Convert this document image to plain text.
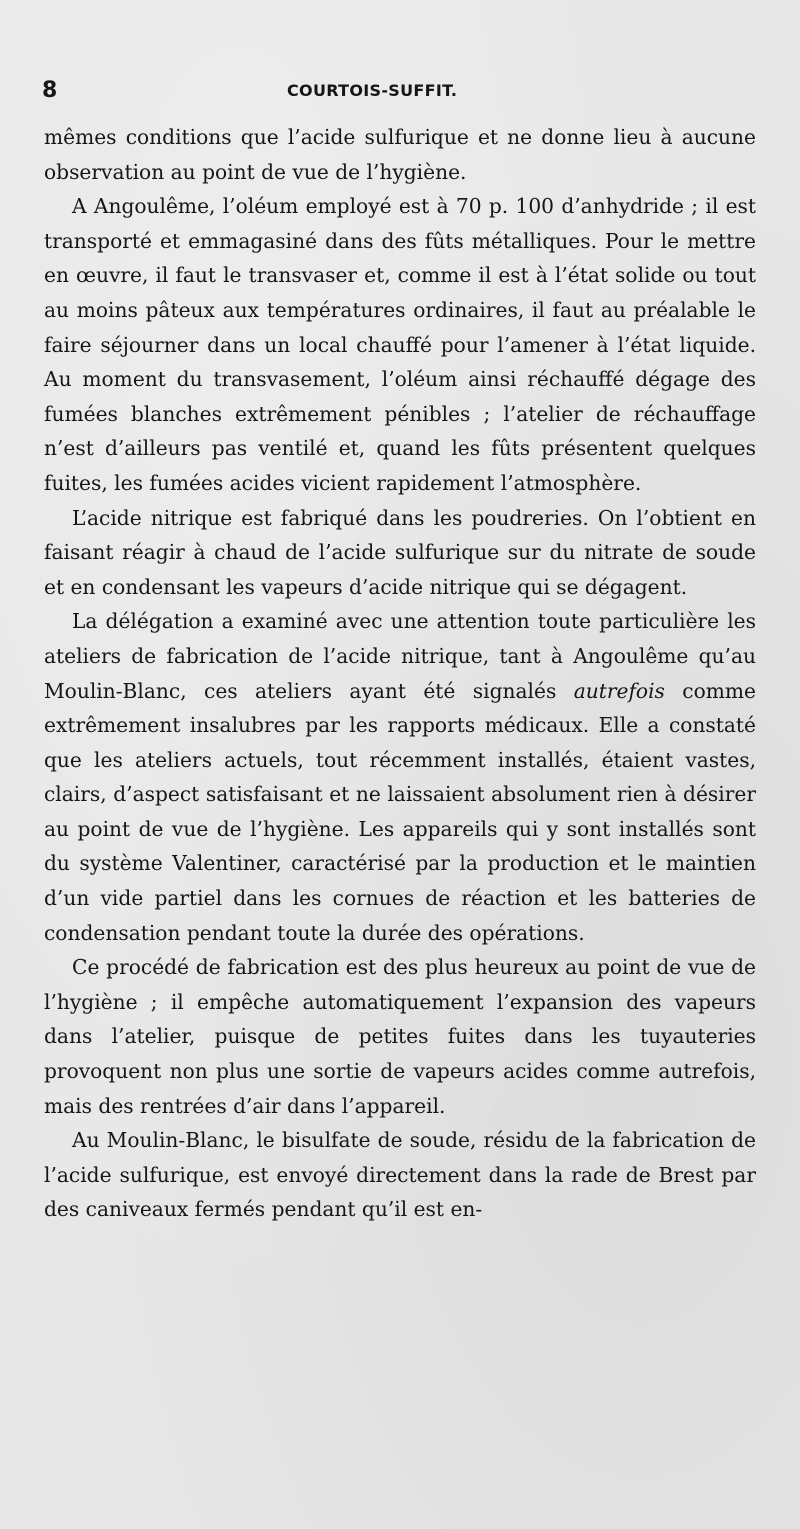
8	COURTOIS-SUFFIT.

mêmes conditions que l’acide sulfurique et ne donne lieu à aucune observation au point de vue de l’hygiène.

A Angoulême, l’oléum employé est à 70 p. 100 d’anhydride ; il est transporté et emmagasiné dans des fûts métalliques. Pour le mettre en œuvre, il faut le transvaser et, comme il est à l’état solide ou tout au moins pâteux aux températures ordinaires, il faut au préalable le faire séjourner dans un local chauffé pour l’amener à l’état liquide. Au moment du transvasement, l’oléum ainsi réchauffé dégage des fumées blanches extrêmement pénibles ; l’atelier de réchauffage n’est d’ailleurs pas ventilé et, quand les fûts présentent quelques fuites, les fumées acides vicient rapidement l’atmosphère.

L’acide nitrique est fabriqué dans les poudreries. On l’obtient en faisant réagir à chaud de l’acide sulfurique sur du nitrate de soude et en condensant les vapeurs d’acide nitrique qui se dégagent.

La délégation a examiné avec une attention toute particulière les ateliers de fabrication de l’acide nitrique, tant à Angoulême qu’au Moulin-Blanc, ces ateliers ayant été signalés autrefois comme extrêmement insalubres par les rapports médicaux. Elle a constaté que les ateliers actuels, tout récemment installés, étaient vastes, clairs, d’aspect satisfaisant et ne laissaient absolument rien à désirer au point de vue de l’hygiène. Les appareils qui y sont installés sont du système Valentiner, caractérisé par la production et le maintien d’un vide partiel dans les cornues de réaction et les batteries de condensation pendant toute la durée des opérations.

Ce procédé de fabrication est des plus heureux au point de vue de l’hygiène ; il empêche automatiquement l’expansion des vapeurs dans l’atelier, puisque de petites fuites dans les tuyauteries provoquent non plus une sortie de vapeurs acides comme autrefois, mais des rentrées d’air dans l’appareil.

Au Moulin-Blanc, le bisulfate de soude, résidu de la fabrication de l’acide sulfurique, est envoyé directement dans la rade de Brest par des caniveaux fermés pendant qu’il est en-
